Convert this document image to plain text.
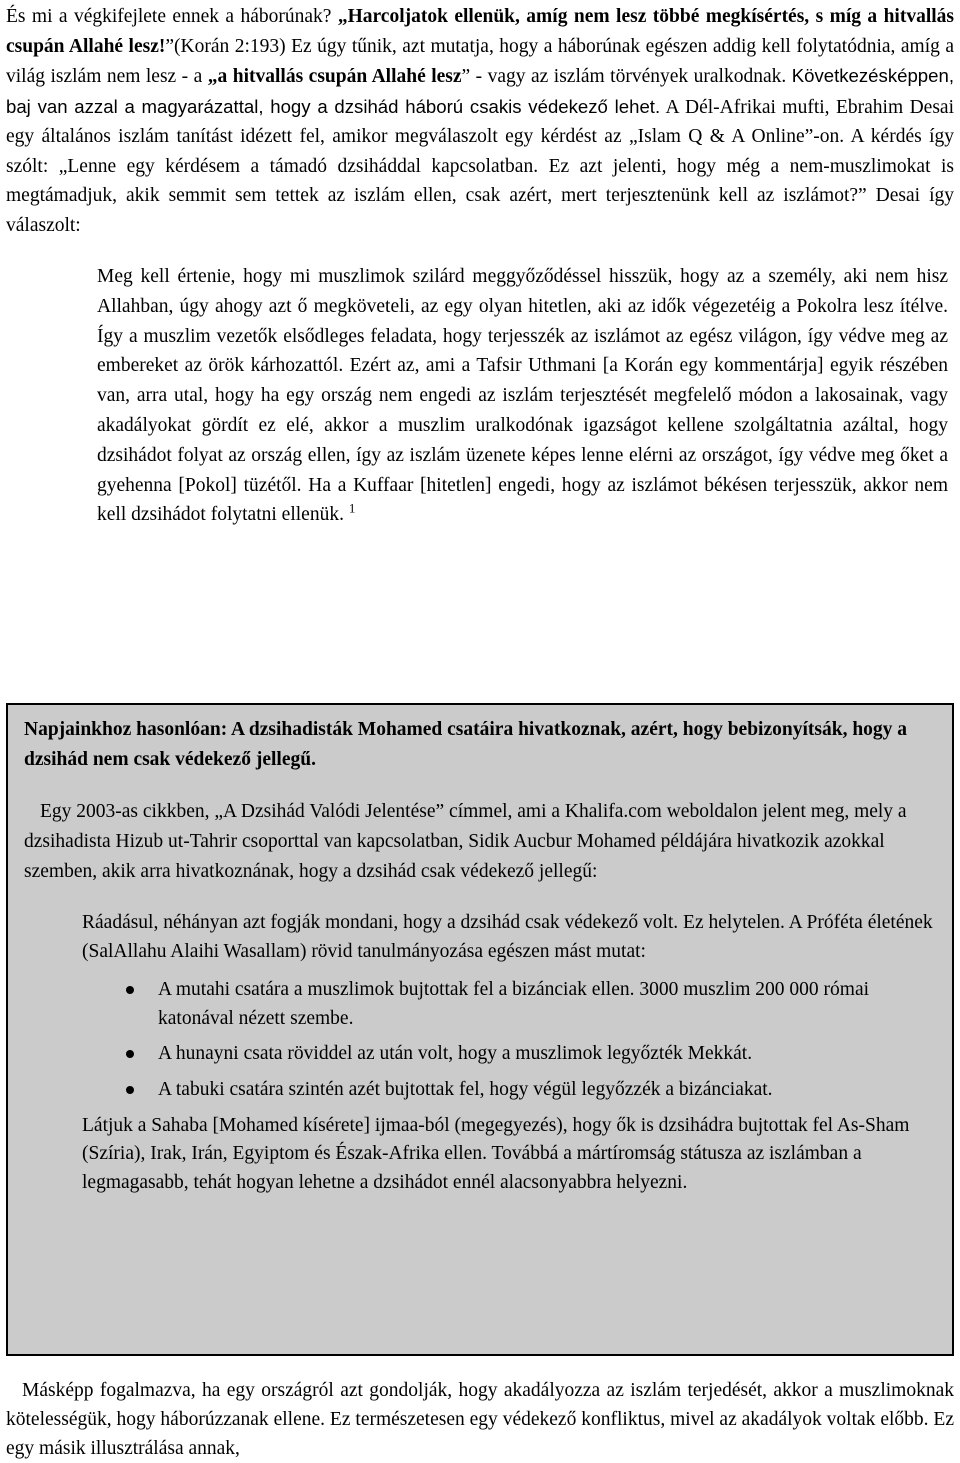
És mi a végkifejlete ennek a háborúnak? „Harcoljatok ellenük, amíg nem lesz többé megkísértés, s míg a hitvallás csupán Allahé lesz!”(Korán 2:193) Ez úgy tűnik, azt mutatja, hogy a háborúnak egészen addig kell folytatódnia, amíg a világ iszlám nem lesz - a „a hitvallás csupán Allahé lesz” - vagy az iszlám törvények uralkodnak. Következésképpen, baj van azzal a magyarázattal, hogy a dzsihád háború csakis védekező lehet. A Dél-Afrikai mufti, Ebrahim Desai egy általános iszlám tanítást idézett fel, amikor megválaszolt egy kérdést az „Islam Q & A Online”-on. A kérdés így szólt: „Lenne egy kérdésem a támadó dzsiháddal kapcsolatban. Ez azt jelenti, hogy még a nem-muszlimokat is megtámadjuk, akik semmit sem tettek az iszlám ellen, csak azért, mert terjesztenünk kell az iszlámot?” Desai így válaszolt:

Meg kell értenie, hogy mi muszlimok szilárd meggyőződéssel hisszük, hogy az a személy, aki nem hisz Allahban, úgy ahogy azt ő megköveteli, az egy olyan hitetlen, aki az idők végezetéig a Pokolra lesz ítélve. Így a muszlim vezetők elsődleges feladata, hogy terjesszék az iszlámot az egész világon, így védve meg az embereket az örök kárhozattól. Ezért az, ami a Tafsir Uthmani [a Korán egy kommentárja] egyik részében van, arra utal, hogy ha egy ország nem engedi az iszlám terjesztését megfelelő módon a lakosainak, vagy akadályokat gördít ez elé, akkor a muszlim uralkodónak igazságot kellene szolgáltatnia azáltal, hogy dzsihádot folyat az ország ellen, így az iszlám üzenete képes lenne elérni az országot, így védve meg őket a gyehenna [Pokol] tüzétől. Ha a Kuffaar [hitetlen] engedi, hogy az iszlámot békésen terjesszük, akkor nem kell dzsihádot folytatni ellenük. $^1$

Napjainkhoz hasonlóan: A dzsihadisták Mohamed csatáira hivatkoznak, azért, hogy bebizonyítsák, hogy a dzsihád nem csak védekező jellegű.

Egy 2003-as cikkben, „A Dzsihád Valódi Jelentése” címmel, ami a Khalifa.com weboldalon jelent meg, mely a dzsihadista Hizub ut-Tahrir csoporttal van kapcsolatban, Sidik Aucbur Mohamed példájára hivatkozik azokkal szemben, akik arra hivatkoznának, hogy a dzsihád csak védekező jellegű:

Ráadásul, néhányan azt fogják mondani, hogy a dzsihád csak védekező volt. Ez helytelen. A Próféta életének (SalAllahu Alaihi Wasallam) rövid tanulmányozása egészen mást mutat:

A mutahi csatára a muszlimok bujtottak fel a bizánciak ellen. 3000 muszlim 200 000 római katonával nézett szembe.
A hunayni csata röviddel az után volt, hogy a muszlimok legyőzték Mekkát.
A tabuki csatára szintén azét bujtottak fel, hogy végül legyőzzék a bizánciakat.

Látjuk a Sahaba [Mohamed kísérete] ijmaa-ból (megegyezés), hogy ők is dzsihádra bujtottak fel As-Sham (Szíria), Irak, Irán, Egyiptom és Észak-Afrika ellen. Továbbá a mártíromság státusza az iszlámban a legmagasabb, tehát hogyan lehetne a dzsihádot ennél alacsonyabbra helyezni.

Másképp fogalmazva, ha egy országról azt gondolják, hogy akadályozza az iszlám terjedését, akkor a muszlimoknak kötelességük, hogy háborúzzanak ellene. Ez természetesen egy védekező konfliktus, mivel az akadályok voltak előbb. Ez egy másik illusztrálása annak,
